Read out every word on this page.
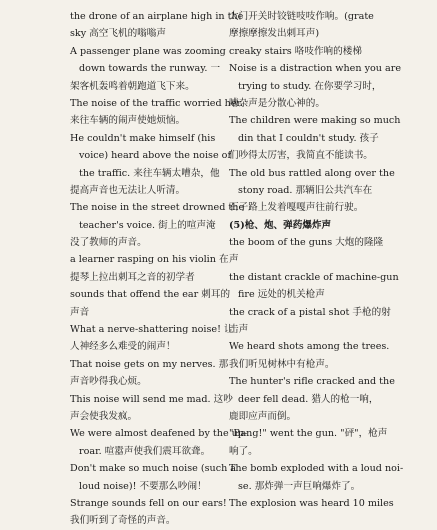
the drone of an airplane high in the
sky 高空飞机的嗡嗡声
A passenger plane was zooming
down towards the runway. 一
架客机轰鸣着朝跑道飞下来。
The noise of the traffic worried her.
来往车辆的闹声使她烦恼。
He couldn't make himself (his
voice) heard above the noise of
the traffic. 来往车辆太嘈杂，他
提高声音也无法让人听清。
The noise in the street drowned the
teacher's voice. 街上的喧声淹
没了教师的声音。
a learner rasping on his violin 在
提琴上拉出刺耳之音的初学者
sounds that offend the ear 刺耳的
声音
What a nerve-shattering noise! 让
人神经多么难受的闹声！
That noise gets on my nerves. 那
声音吵得我心烦。
This noise will send me mad. 这吵
声会使我发疯。
We were almost deafened by the up-
roar. 喧嚣声使我们震耳欲聋。
Don't make so much noise (such a
loud noise)! 不要那么吵闹！
Strange sounds fell on our ears!
我们听到了奇怪的声音。
大门开关时铰链吱吱作响。(grate
摩擦摩擦发出刺耳声)
creaky stairs 咯吱作响的楼梯
Noise is a distraction when you are
trying to study. 在你要学习时，
嘈杂声是分散心神的。
The children were making so much
din that I couldn't study. 孩子
们吵得太厉害，我简直不能读书。
The old bus rattled along over the
stony road. 那辆旧公共汽车在
石子路上发着嘎嘎声往前行驶。
(5)枪、炮、弹药爆炸声
the boom of the guns 大炮的隆隆
声
the distant crackle of machine-gun
fire 远处的机关枪声
the crack of a pistal shot 手枪的射
击声
We heard shots among the trees.
我们听见树林中有枪声。
The hunter's rifle cracked and the
deer fell dead. 猎人的枪一响，
鹿即应声而倒。
"Bang!" went the gun. "砰"，枪声
响了。
The bomb exploded with a loud noi-
se. 那炸弹一声巨响爆炸了。
The explosion was heard 10 miles
